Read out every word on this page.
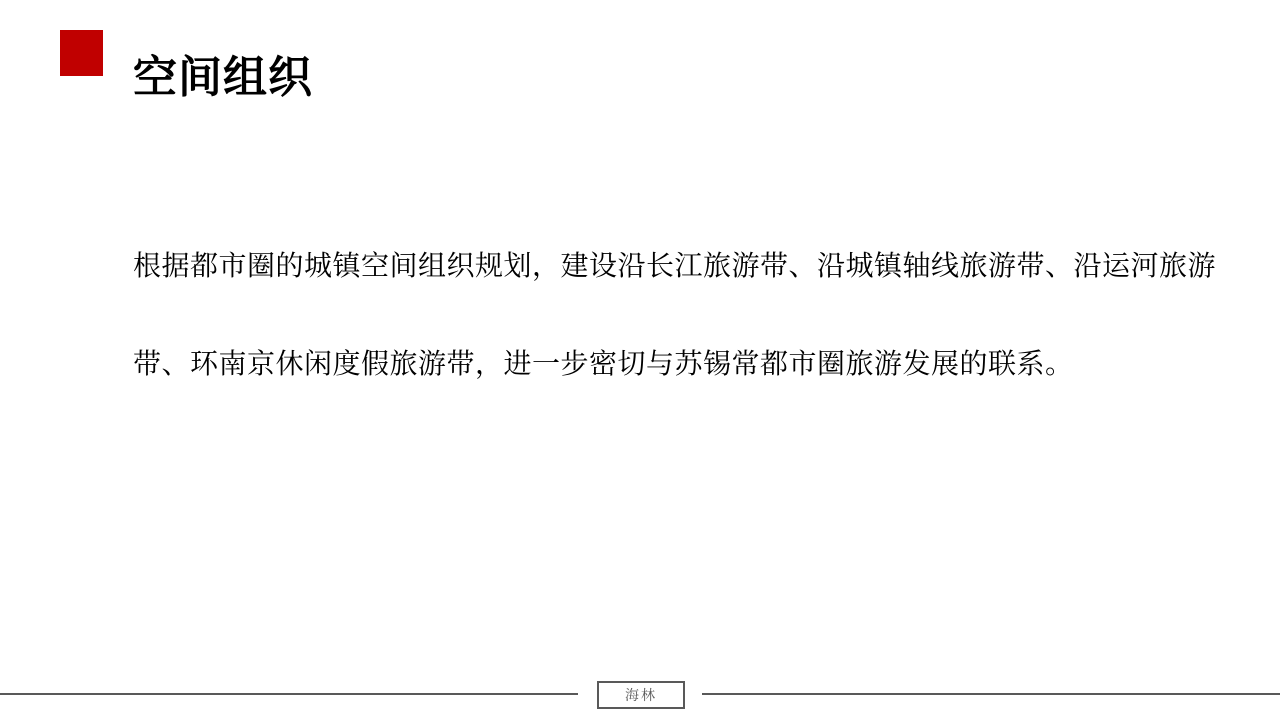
空间组织
根据都市圈的城镇空间组织规划，建设沿长江旅游带、沿城镇轴线旅游带、沿运河旅游
带、环南京休闲度假旅游带，进一步密切与苏锡常都市圈旅游发展的联系。
海林
